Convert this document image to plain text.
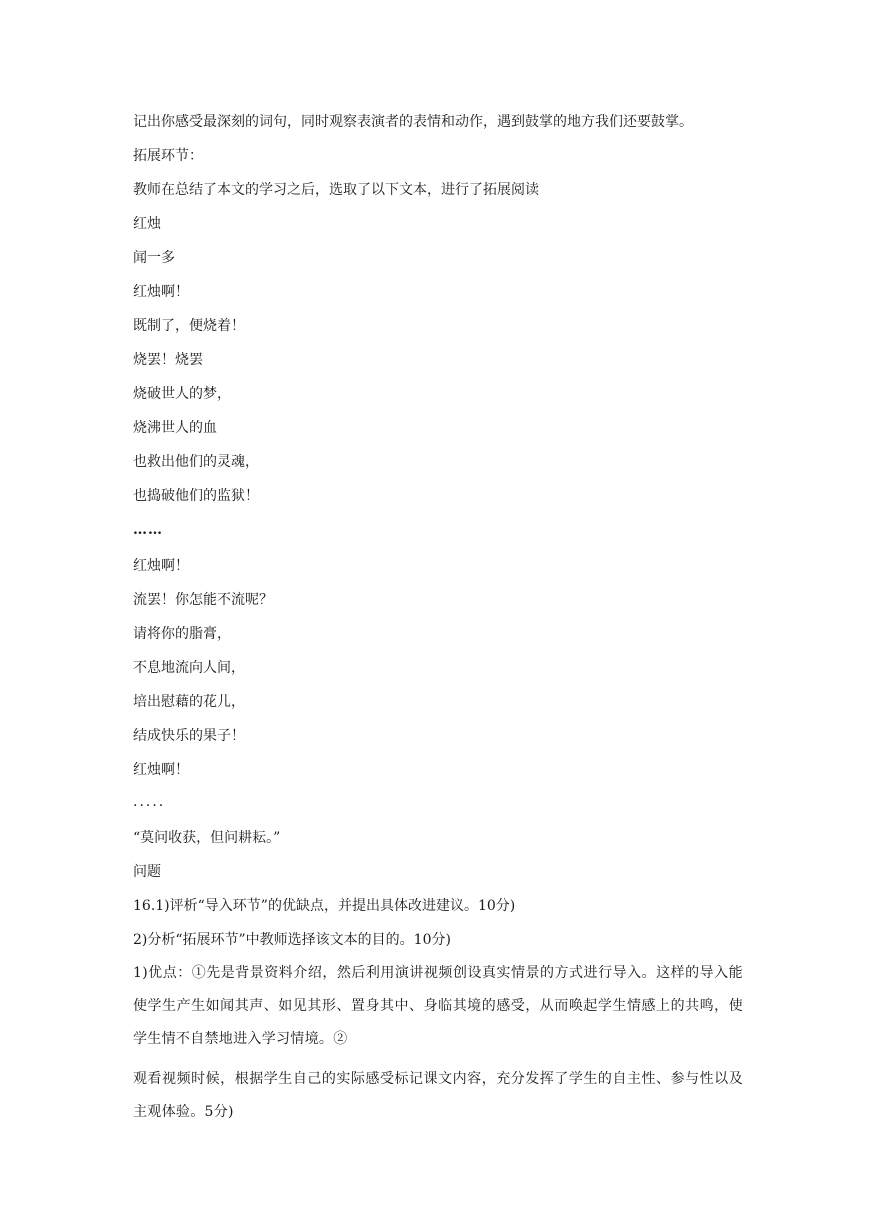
记出你感受最深刻的词句，同时观察表演者的表情和动作，遇到鼓掌的地方我们还要鼓掌。
拓展环节：
教师在总结了本文的学习之后，选取了以下文本，进行了拓展阅读
红烛
闻一多
红烛啊！
既制了，便烧着！
烧罢！烧罢
烧破世人的梦，
烧沸世人的血
也救出他们的灵魂，
也捣破他们的监狱！
……
红烛啊！
流罢！你怎能不流呢？
请将你的脂膏，
不息地流向人间，
培出慰藉的花儿，
结成快乐的果子！
红烛啊！
.....
“莫问收获，但问耕耘。”
问题
16.1)评析“导入环节”的优缺点，并提出具体改进建议。10分)
2)分析“拓展环节”中教师选择该文本的目的。10分)
1)优点：①先是背景资料介绍，然后利用演讲视频创设真实情景的方式进行导入。这样的导入能使学生产生如闻其声、如见其形、置身其中、身临其境的感受，从而唤起学生情感上的共鸣，使学生情不自禁地进入学习情境。②
观看视频时候，根据学生自己的实际感受标记课文内容，充分发挥了学生的自主性、参与性以及主观体验。5分)
